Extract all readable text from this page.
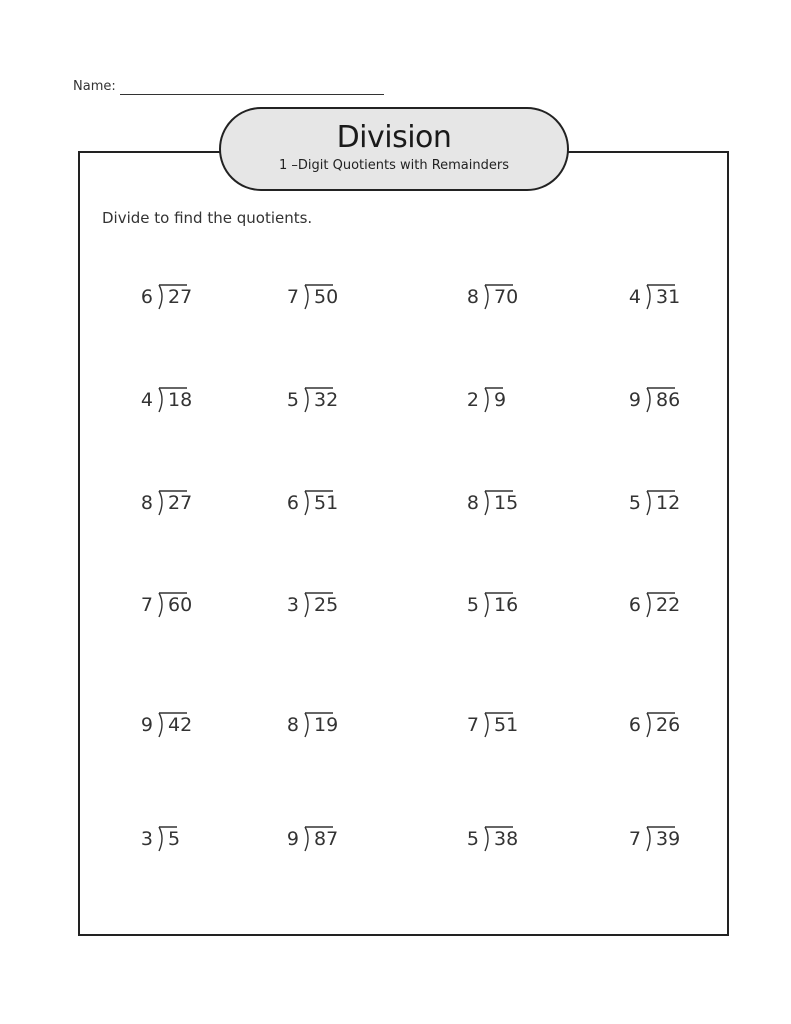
Name:
Division
1 –Digit Quotients with Remainders
Divide to find the quotients.
6 27	7 50	8 70	4 31
4 18	5 32	2 9	9 86
8 27	6 51	8 15	5 12
7 60	3 25	5 16	6 22
9 42	8 19	7 51	6 26
3 5	9 87	5 38	7 39
